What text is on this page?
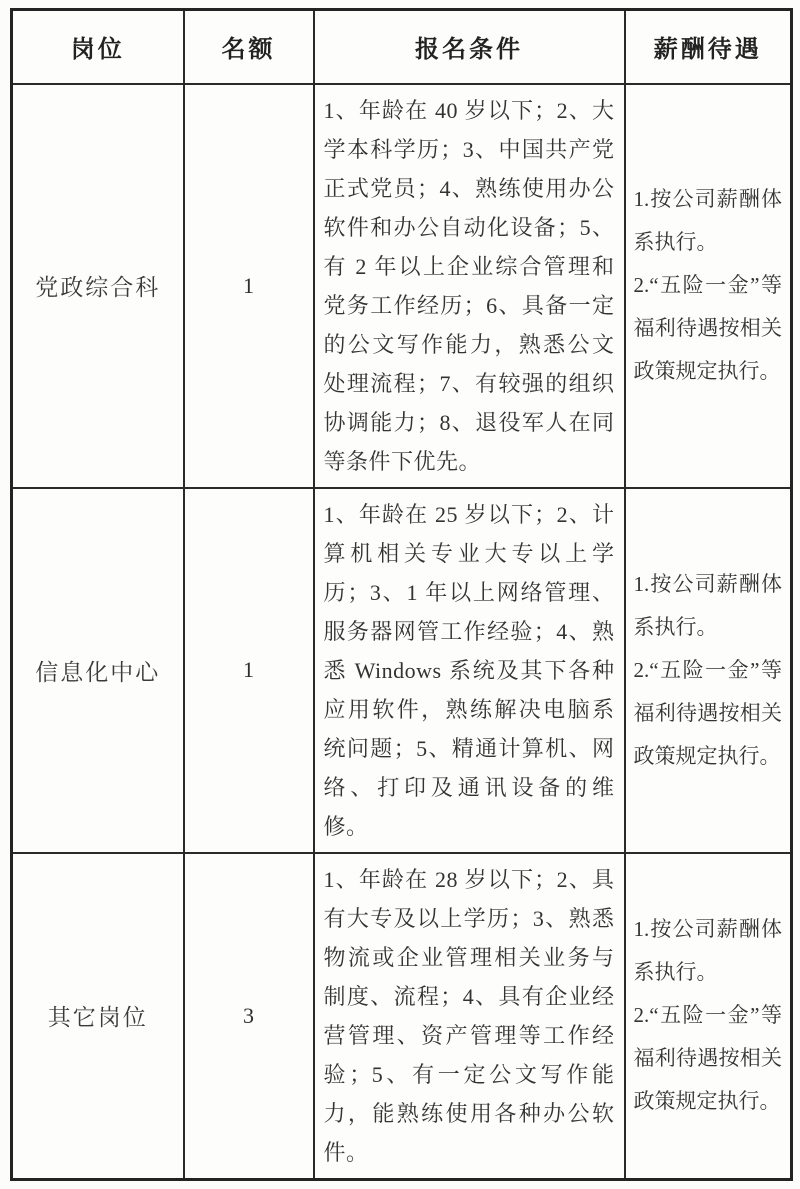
岗位	名额	报名条件	薪酬待遇
党政综合科	1	1、年龄在 40 岁以下；2、大学本科学历；3、中国共产党正式党员；4、熟练使用办公软件和办公自动化设备；5、有 2 年以上企业综合管理和党务工作经历；6、具备一定的公文写作能力，熟悉公文处理流程；7、有较强的组织协调能力；8、退役军人在同等条件下优先。	1.按公司薪酬体系执行。

2.“五险一金”等福利待遇按相关政策规定执行。

信息化中心	1	1、年龄在 25 岁以下；2、计算机相关专业大专以上学历；3、1 年以上网络管理、服务器网管工作经验；4、熟悉 Windows 系统及其下各种应用软件，熟练解决电脑系统问题；5、精通计算机、网络、打印及通讯设备的维修。	1.按公司薪酬体系执行。

2.“五险一金”等福利待遇按相关政策规定执行。

其它岗位	3	1、年龄在 28 岁以下；2、具有大专及以上学历；3、熟悉物流或企业管理相关业务与制度、流程；4、具有企业经营管理、资产管理等工作经验；5、有一定公文写作能力，能熟练使用各种办公软件。	1.按公司薪酬体系执行。

2.“五险一金”等福利待遇按相关政策规定执行。
